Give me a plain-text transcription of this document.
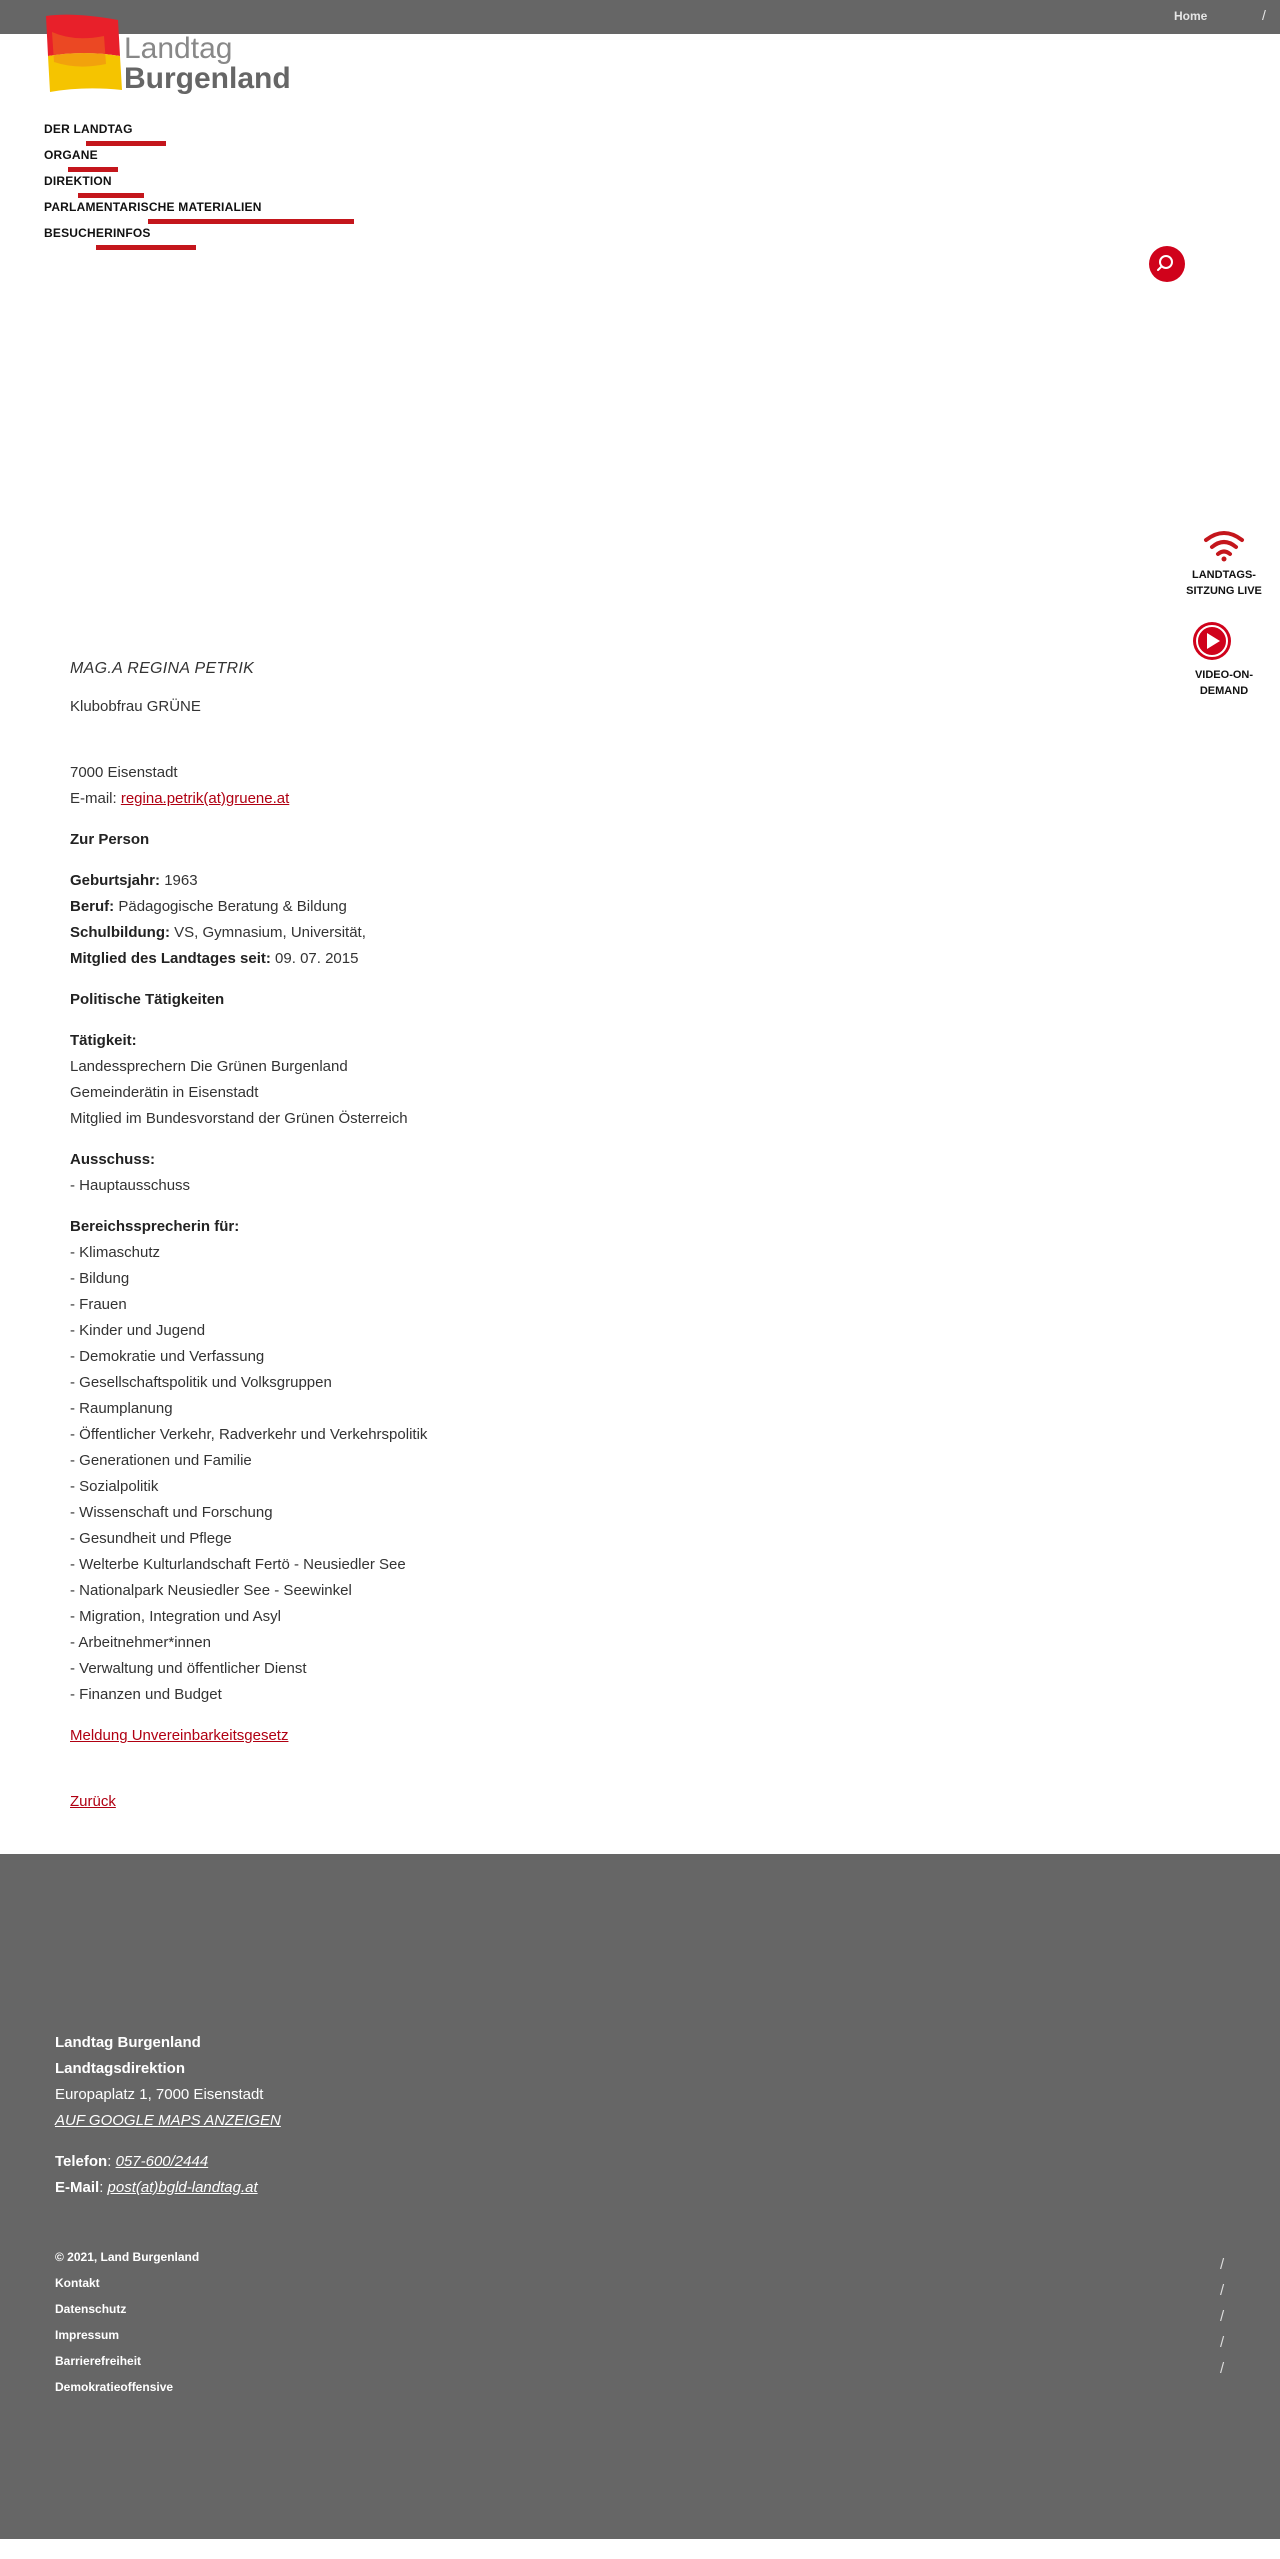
Home	/
Landtag
Burgenland
DER LANDTAG
ORGANE
DIREKTION
PARLAMENTARISCHE MATERIALIEN
BESUCHERINFOS
LANDTAGS-
SITZUNG LIVE
VIDEO-ON-
DEMAND
MAG.A REGINA PETRIK

Klubobfrau GRÜNE

7000 Eisenstadt

E-mail: regina.petrik(at)gruene.at

Zur Person

Geburtsjahr: 1963

Beruf: Pädagogische Beratung & Bildung

Schulbildung: VS, Gymnasium, Universität,

Mitglied des Landtages seit: 09. 07. 2015

Politische Tätigkeiten

Tätigkeit:

Landessprechern Die Grünen Burgenland

Gemeinderätin in Eisenstadt

Mitglied im Bundesvorstand der Grünen Österreich

Ausschuss:

- Hauptausschuss

Bereichssprecherin für:

- Klimaschutz

- Bildung

- Frauen

- Kinder und Jugend

- Demokratie und Verfassung

- Gesellschaftspolitik und Volksgruppen

- Raumplanung

- Öffentlicher Verkehr, Radverkehr und Verkehrspolitik

- Generationen und Familie

- Sozialpolitik

- Wissenschaft und Forschung

- Gesundheit und Pflege

- Welterbe Kulturlandschaft Fertö - Neusiedler See

- Nationalpark Neusiedler See - Seewinkel

- Migration, Integration und Asyl

- Arbeitnehmer*innen

- Verwaltung und öffentlicher Dienst

- Finanzen und Budget

Meldung Unvereinbarkeitsgesetz

Zurück

Landtag Burgenland
Landtagsdirektion
Europaplatz 1, 7000 Eisenstadt
AUF GOOGLE MAPS ANZEIGEN
Telefon: 057-600/2444
E-Mail: post(at)bgld-landtag.at
© 2021, Land Burgenland
Kontakt
Datenschutz
Impressum
Barrierefreiheit
Demokratieoffensive
/
/
/
/
/
